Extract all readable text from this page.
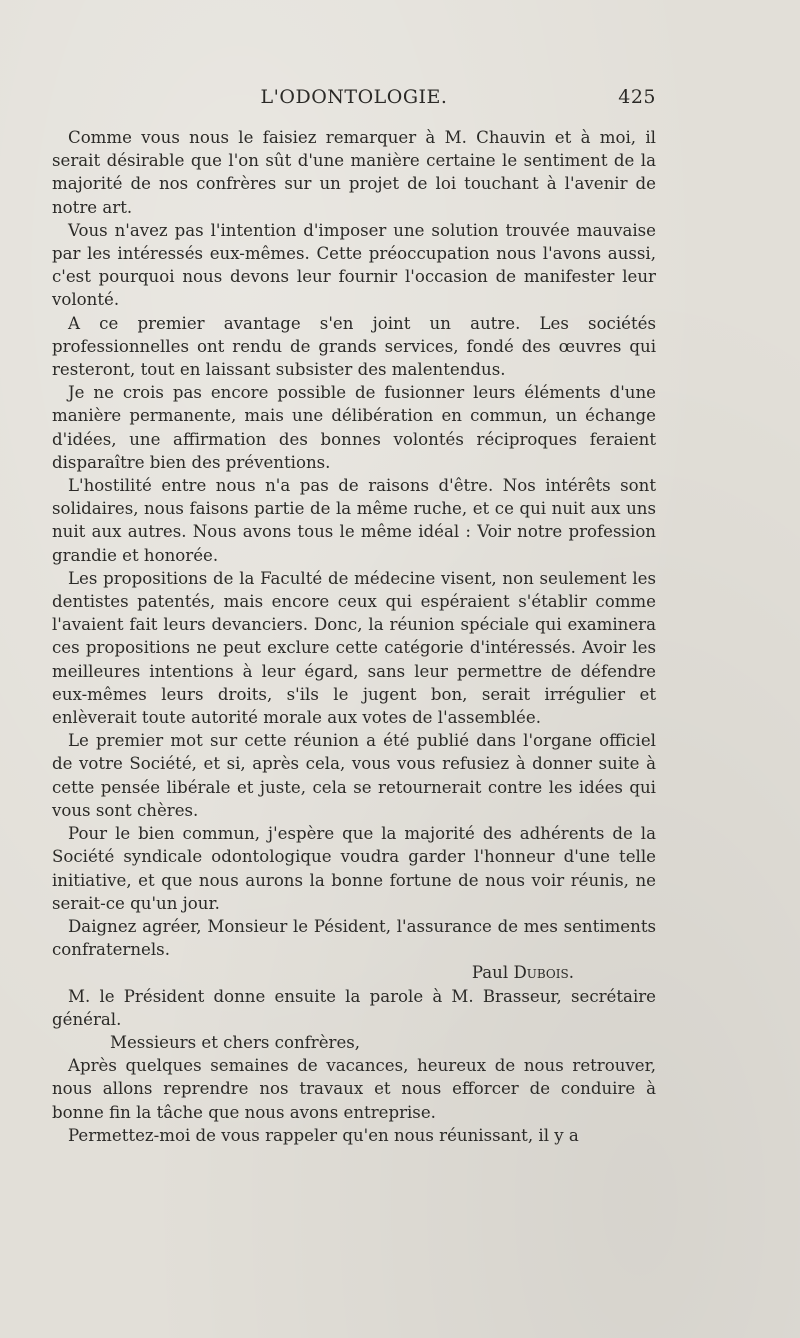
L'ODONTOLOGIE.	425

Comme vous nous le faisiez remarquer à M. Chauvin et à moi, il serait désirable que l'on sût d'une manière certaine le sentiment de la majorité de nos confrères sur un projet de loi touchant à l'avenir de notre art.

Vous n'avez pas l'intention d'imposer une solution trouvée mauvaise par les intéressés eux-mêmes. Cette préoccupation nous l'avons aussi, c'est pourquoi nous devons leur fournir l'occasion de manifester leur volonté.

A ce premier avantage s'en joint un autre. Les sociétés professionnelles ont rendu de grands services, fondé des œuvres qui resteront, tout en laissant subsister des malentendus.

Je ne crois pas encore possible de fusionner leurs éléments d'une manière permanente, mais une délibération en commun, un échange d'idées, une affirmation des bonnes volontés réciproques feraient disparaître bien des préventions.

L'hostilité entre nous n'a pas de raisons d'être. Nos intérêts sont solidaires, nous faisons partie de la même ruche, et ce qui nuit aux uns nuit aux autres. Nous avons tous le même idéal : Voir notre profession grandie et honorée.

Les propositions de la Faculté de médecine visent, non seulement les dentistes patentés, mais encore ceux qui espéraient s'établir comme l'avaient fait leurs devanciers. Donc, la réunion spéciale qui examinera ces propositions ne peut exclure cette catégorie d'intéressés. Avoir les meilleures intentions à leur égard, sans leur permettre de défendre eux-mêmes leurs droits, s'ils le jugent bon, serait irrégulier et enlèverait toute autorité morale aux votes de l'assemblée.

Le premier mot sur cette réunion a été publié dans l'organe officiel de votre Société, et si, après cela, vous vous refusiez à donner suite à cette pensée libérale et juste, cela se retournerait contre les idées qui vous sont chères.

Pour le bien commun, j'espère que la majorité des adhérents de la Société syndicale odontologique voudra garder l'honneur d'une telle initiative, et que nous aurons la bonne fortune de nous voir réunis, ne serait-ce qu'un jour.

Daignez agréer, Monsieur le Pésident, l'assurance de mes sentiments confraternels.

Paul Dubois.

M. le Président donne ensuite la parole à M. Brasseur, secrétaire général.

Messieurs et chers confrères,

Après quelques semaines de vacances, heureux de nous retrouver, nous allons reprendre nos travaux et nous efforcer de conduire à bonne fin la tâche que nous avons entreprise.

Permettez-moi de vous rappeler qu'en nous réunissant, il y a
